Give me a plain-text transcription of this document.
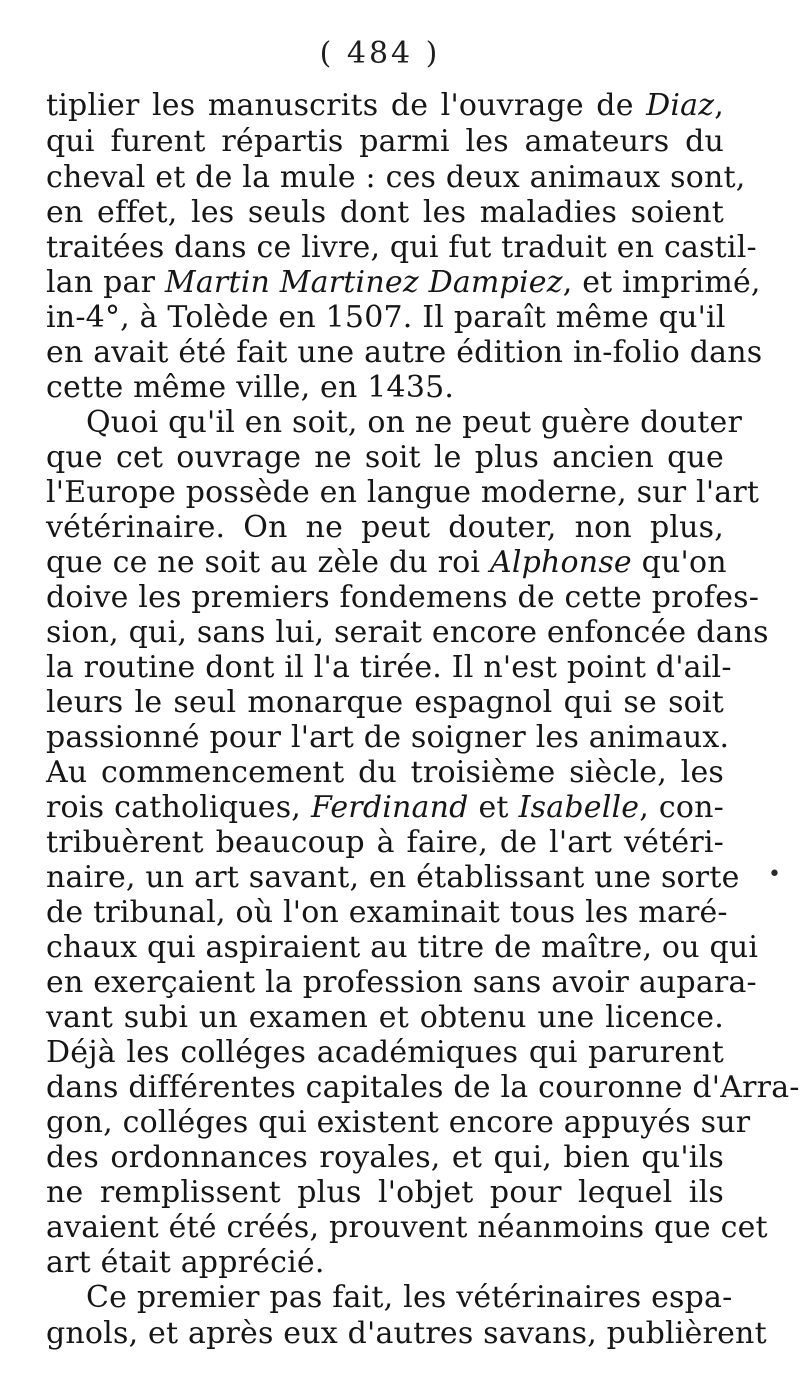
( 484 )
tiplier les manuscrits de l'ouvrage de Diaz,
qui furent répartis parmi les amateurs du
cheval et de la mule : ces deux animaux sont,
en effet, les seuls dont les maladies soient
traitées dans ce livre, qui fut traduit en castil-
lan par Martin Martinez Dampiez, et imprimé,
in-4°, à Tolède en 1507. Il paraît même qu'il
en avait été fait une autre édition in-folio dans
cette même ville, en 1435.
Quoi qu'il en soit, on ne peut guère douter
que cet ouvrage ne soit le plus ancien que
l'Europe possède en langue moderne, sur l'art
vétérinaire. On ne peut douter, non plus,
que ce ne soit au zèle du roi Alphonse qu'on
doive les premiers fondemens de cette profes-
sion, qui, sans lui, serait encore enfoncée dans
la routine dont il l'a tirée. Il n'est point d'ail-
leurs le seul monarque espagnol qui se soit
passionné pour l'art de soigner les animaux.
Au commencement du troisième siècle, les
rois catholiques, Ferdinand et Isabelle, con-
tribuèrent beaucoup à faire, de l'art vétéri-
naire, un art savant, en établissant une sorte
de tribunal, où l'on examinait tous les maré-
chaux qui aspiraient au titre de maître, ou qui
en exerçaient la profession sans avoir aupara-
vant subi un examen et obtenu une licence.
Déjà les colléges académiques qui parurent
dans différentes capitales de la couronne d'Arra-
gon, colléges qui existent encore appuyés sur
des ordonnances royales, et qui, bien qu'ils
ne remplissent plus l'objet pour lequel ils
avaient été créés, prouvent néanmoins que cet
art était apprécié.
Ce premier pas fait, les vétérinaires espa-
gnols, et après eux d'autres savans, publièrent
•
